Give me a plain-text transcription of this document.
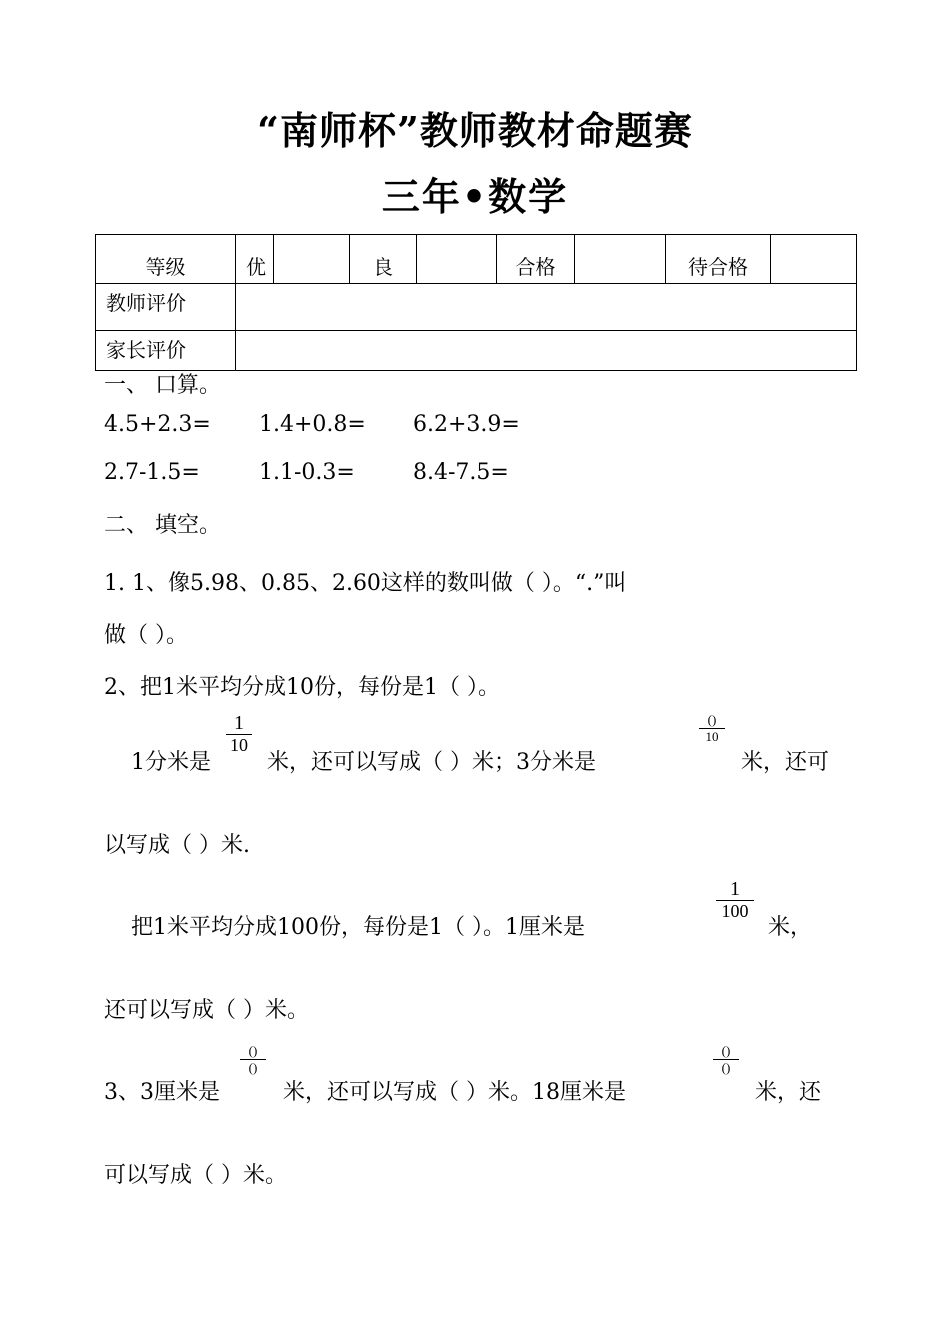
“南师杯”教师教材命题赛
三年•数学
等级	优		良		合格		待合格	
教师评价								
家长评价								
一、 口算。
4.5+2.3= 1.4+0.8= 6.2+3.9=
2.7-1.5=	1.1-0.3=	8.4-7.5=
二、 填空。
1. 1、像5.98、0.85、2.60这样的数叫做（ ）。“.”叫
做（ ）。
2、把1米平均分成10份，每份是1（ ）。
1分米是
1
10
米，还可以写成（ ）米；3分米是
()
10
米，还可
以写成（ ）米.
把1米平均分成100份，每份是1（ ）。1厘米是
1
100
米，
还可以写成（ ）米。
3、3厘米是
()
()
米，还可以写成（ ）米。18厘米是
()
()
米，还
可以写成（ ）米。
